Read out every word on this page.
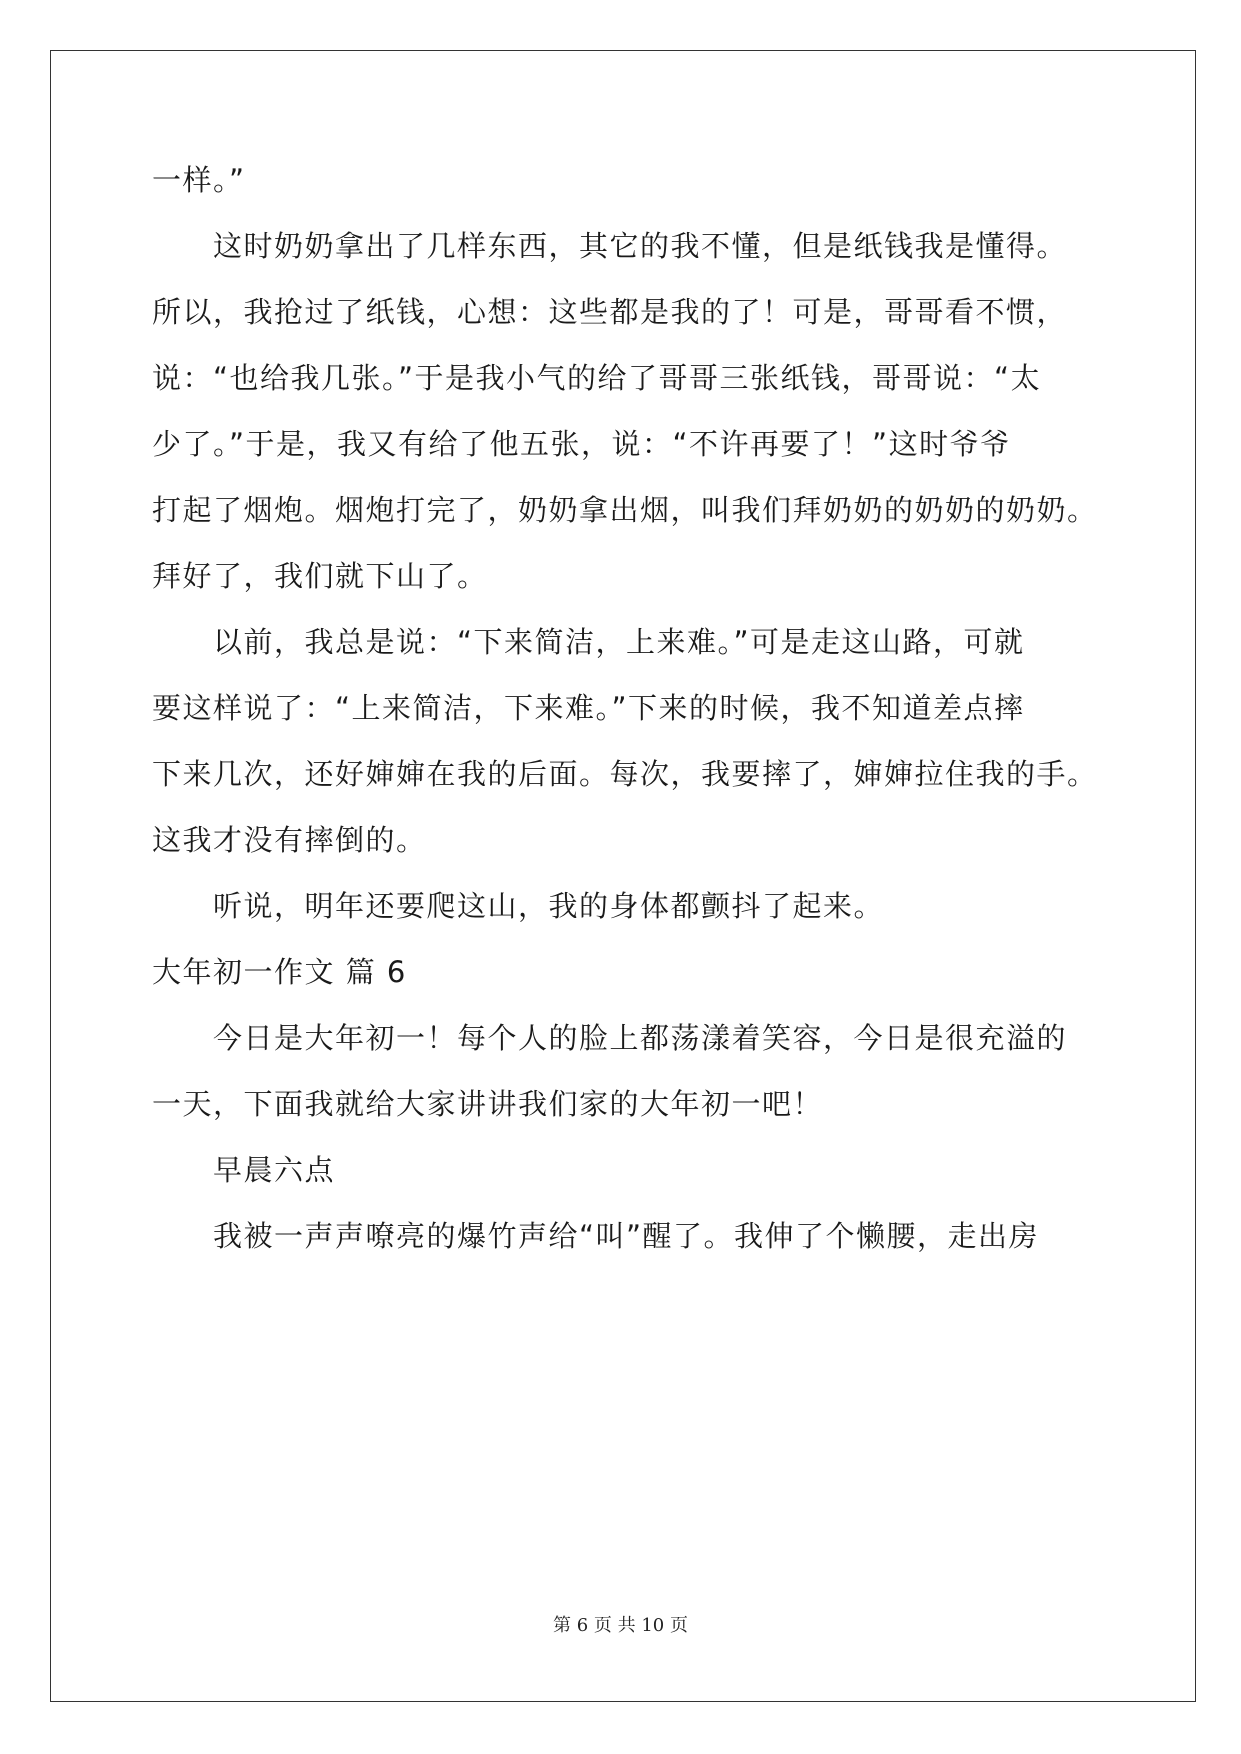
一样。”
这时奶奶拿出了几样东西，其它的我不懂，但是纸钱我是懂得。
所以，我抢过了纸钱，心想：这些都是我的了！可是，哥哥看不惯，
说：“也给我几张。”于是我小气的给了哥哥三张纸钱，哥哥说：“太
少了。”于是，我又有给了他五张，说：“不许再要了！”这时爷爷
打起了烟炮。烟炮打完了，奶奶拿出烟，叫我们拜奶奶的奶奶的奶奶。
拜好了，我们就下山了。
以前，我总是说：“下来简洁，上来难。”可是走这山路，可就
要这样说了：“上来简洁，下来难。”下来的时候，我不知道差点摔
下来几次，还好婶婶在我的后面。每次，我要摔了，婶婶拉住我的手。
这我才没有摔倒的。
听说，明年还要爬这山，我的身体都颤抖了起来。
大年初一作文 篇 6
今日是大年初一！每个人的脸上都荡漾着笑容，今日是很充溢的
一天，下面我就给大家讲讲我们家的大年初一吧！
早晨六点
我被一声声嘹亮的爆竹声给“叫”醒了。我伸了个懒腰，走出房
第 6 页 共 10 页
